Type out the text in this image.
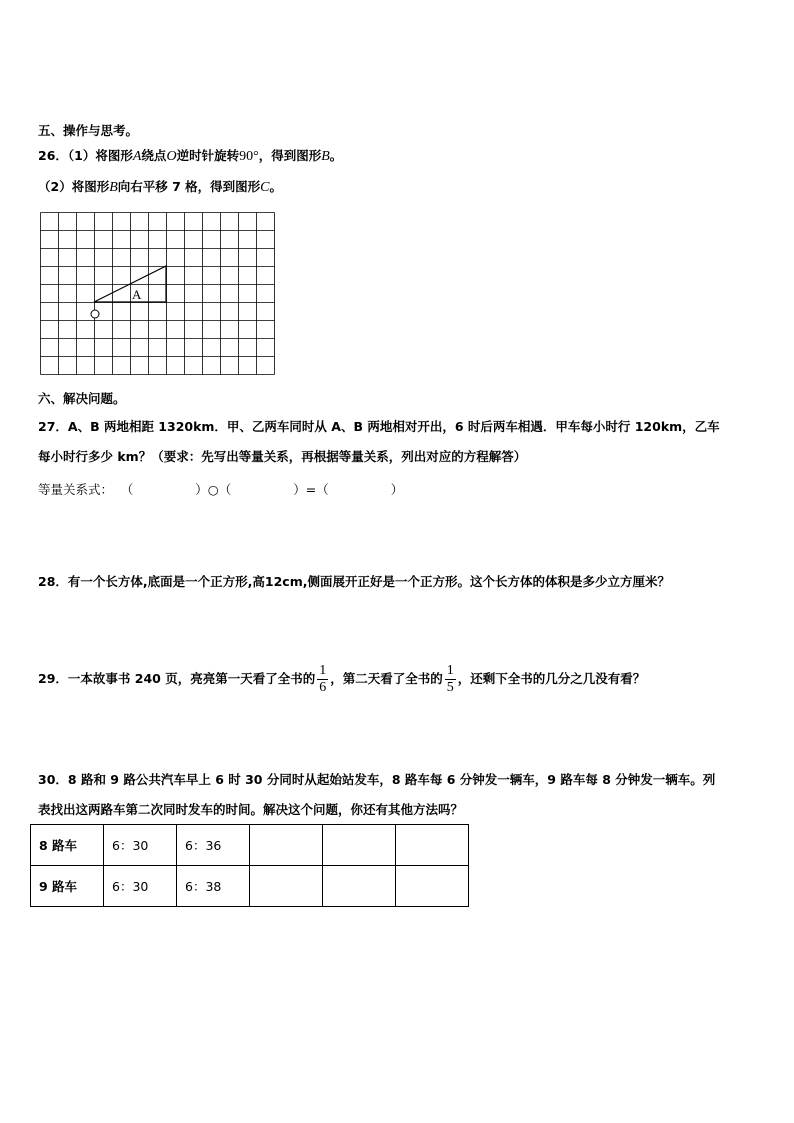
五、操作与思考。
26．（1）将图形A绕点O逆时针旋转90°，得到图形B。
（2）将图形B向右平移 7 格，得到图形C。
A
六、解决问题。
27．A、B 两地相距 1320km．甲、乙两车同时从 A、B 两地相对开出，6 时后两车相遇．甲车每小时行 120km，乙车
每小时行多少 km？（要求：先写出等量关系，再根据等量关系，列出对应的方程解答）
等量关系式： （	）○（	）=（	）
28．有一个长方体,底面是一个正方形,高12cm,侧面展开正好是一个正方形。这个长方体的体积是多少立方厘米？
29．一本故事书 240 页，亮亮第一天看了全书的 $\frac{1}{6}$ ，第二天看了全书的 $\frac{1}{5}$ ，还剩下全书的几分之几没有看？
30．8 路和 9 路公共汽车早上 6 时 30 分同时从起始站发车，8 路车每 6 分钟发一辆车，9 路车每 8 分钟发一辆车。列
表找出这两路车第二次同时发车的时间。解决这个问题，你还有其他方法吗？
8 路车	6：30	6：36			
9 路车	6：30	6：38			
